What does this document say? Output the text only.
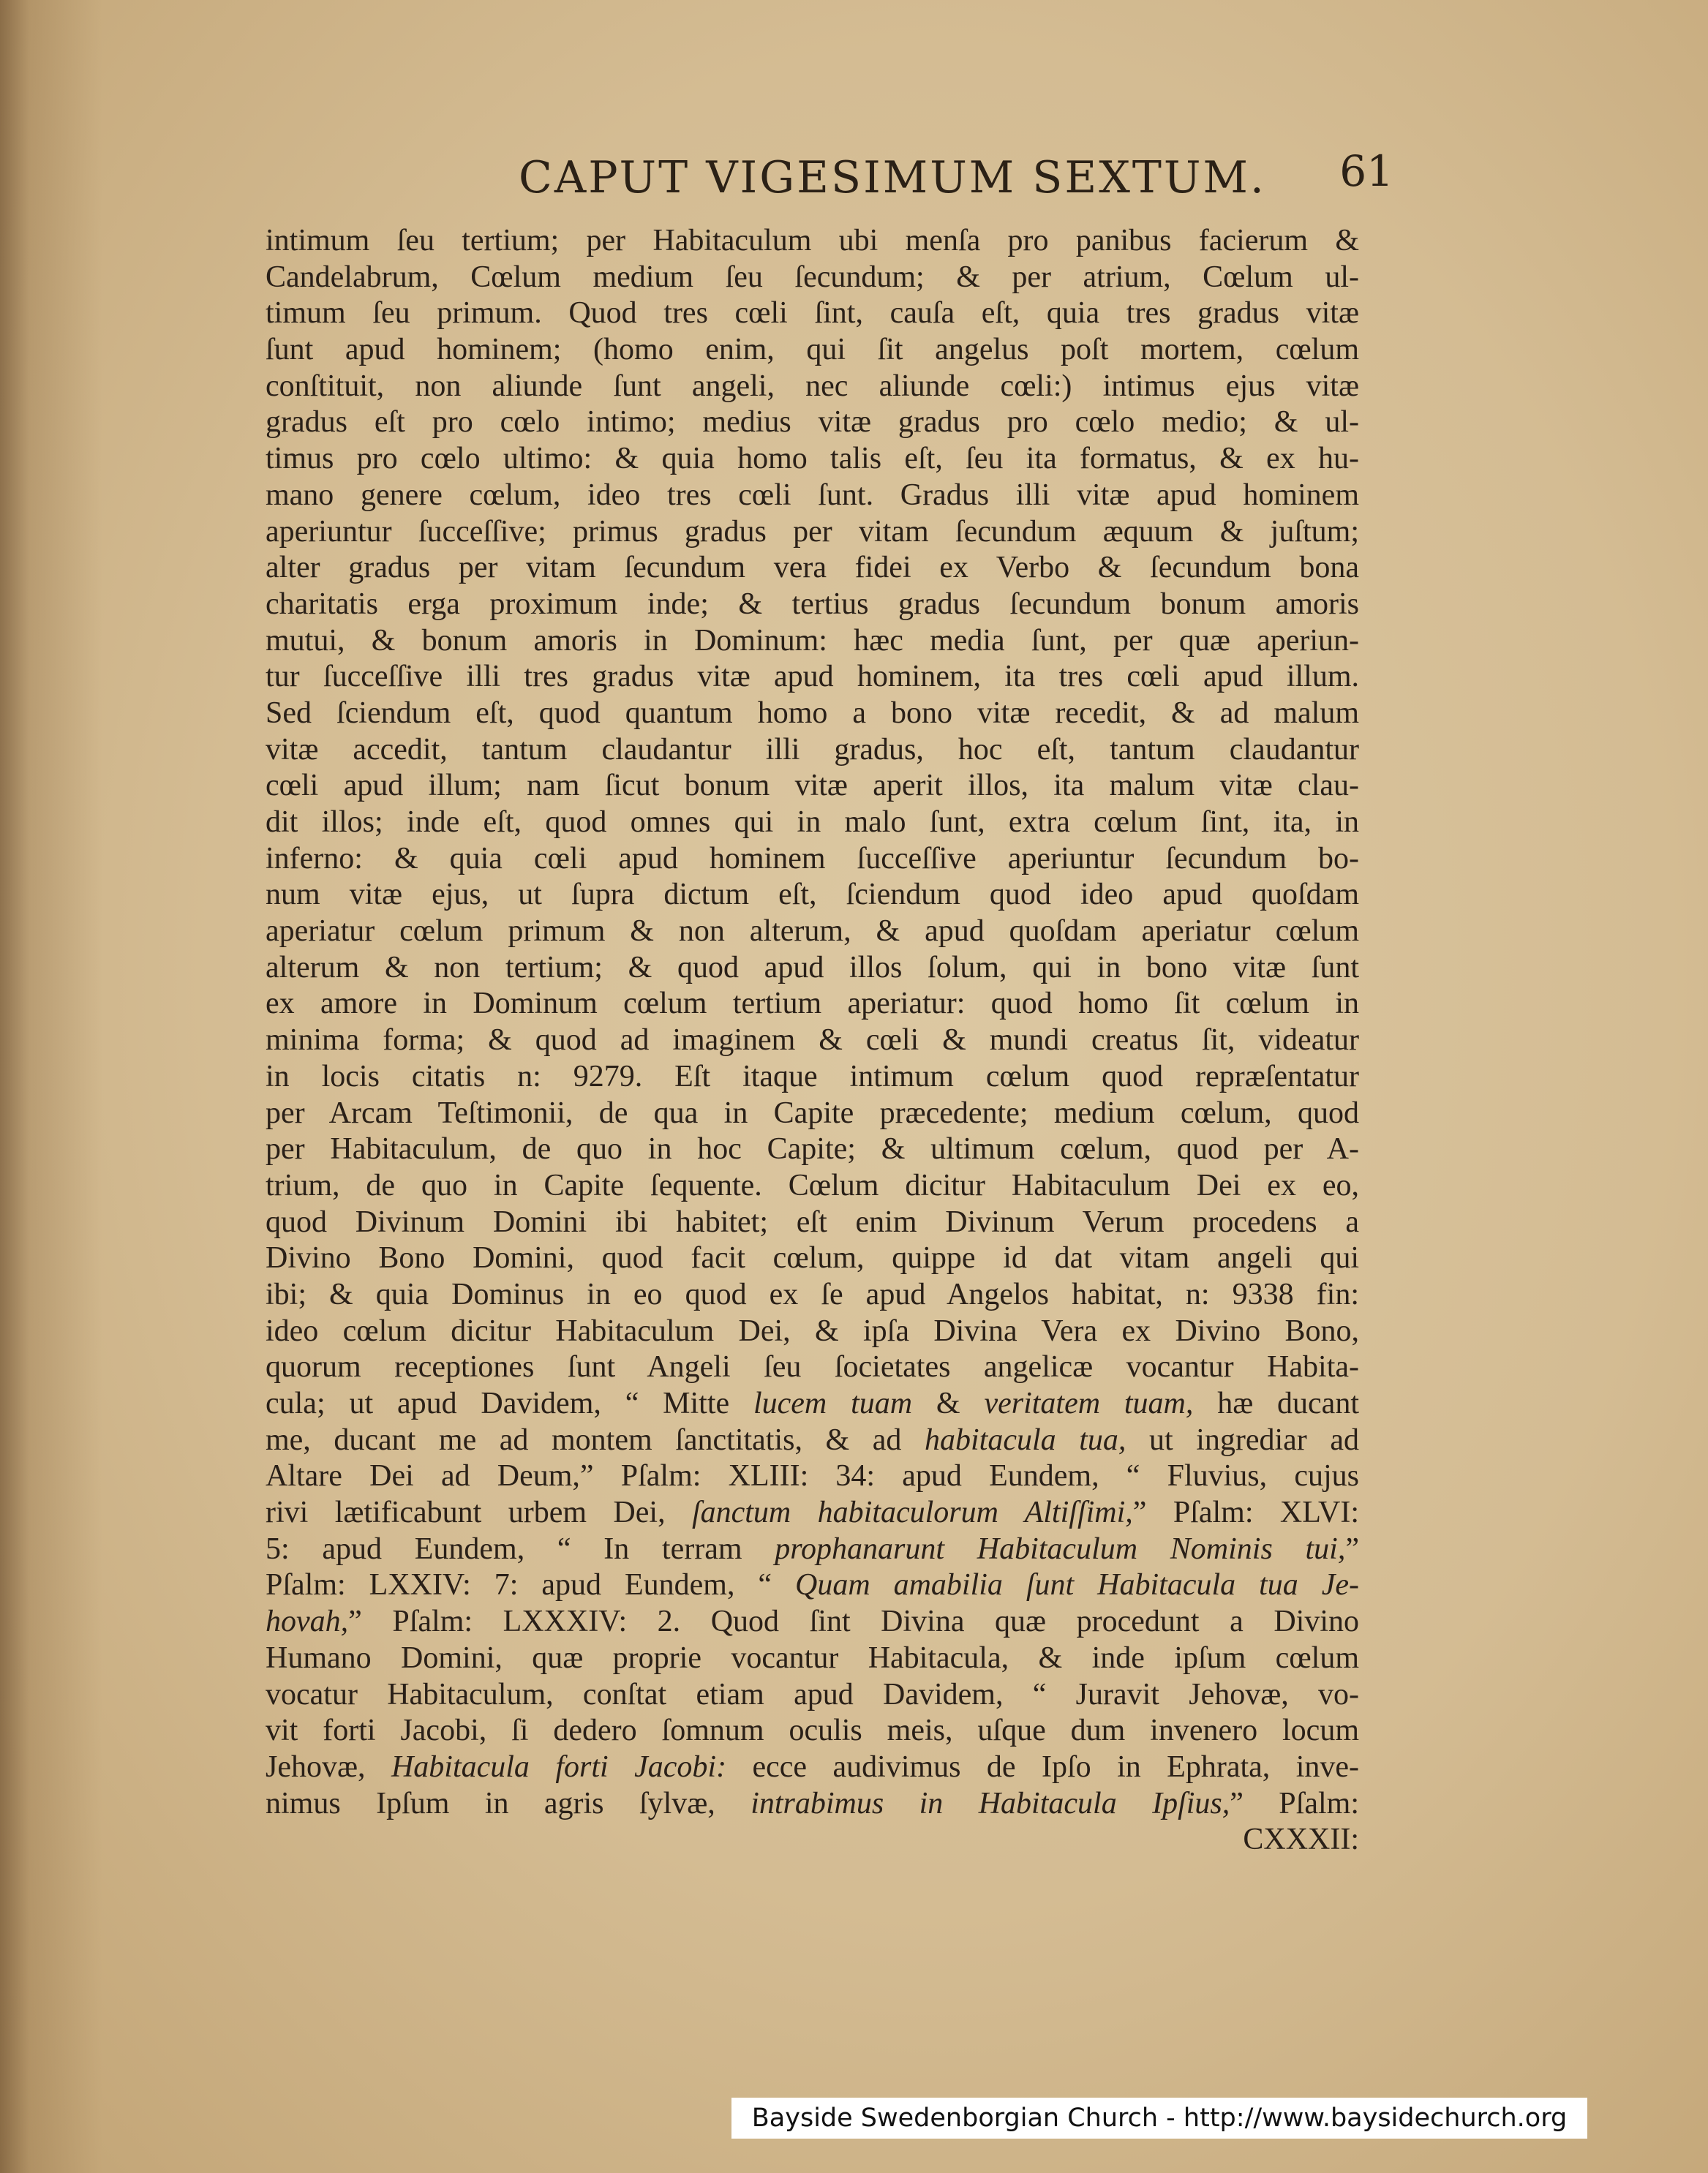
CAPUT VIGESIMUM SEXTUM.	61
intimum ſeu tertium; per Habitaculum ubi menſa pro panibus facierum &
Candelabrum, Cœlum medium ſeu ſecundum; & per atrium, Cœlum ul-
timum ſeu primum. Quod tres cœli ſint, cauſa eſt, quia tres gradus vitæ
ſunt apud hominem; (homo enim, qui ſit angelus poſt mortem, cœlum
conſtituit, non aliunde ſunt angeli, nec aliunde cœli:) intimus ejus vitæ
gradus eſt pro cœlo intimo; medius vitæ gradus pro cœlo medio; & ul-
timus pro cœlo ultimo: & quia homo talis eſt, ſeu ita formatus, & ex hu-
mano genere cœlum, ideo tres cœli ſunt. Gradus illi vitæ apud hominem
aperiuntur ſucceſſive; primus gradus per vitam ſecundum æquum & juſtum;
alter gradus per vitam ſecundum vera fidei ex Verbo & ſecundum bona
charitatis erga proximum inde; & tertius gradus ſecundum bonum amoris
mutui, & bonum amoris in Dominum: hæc media ſunt, per quæ aperiun-
tur ſucceſſive illi tres gradus vitæ apud hominem, ita tres cœli apud illum.
Sed ſciendum eſt, quod quantum homo a bono vitæ recedit, & ad malum
vitæ accedit, tantum claudantur illi gradus, hoc eſt, tantum claudantur
cœli apud illum; nam ſicut bonum vitæ aperit illos, ita malum vitæ clau-
dit illos; inde eſt, quod omnes qui in malo ſunt, extra cœlum ſint, ita, in
inferno: & quia cœli apud hominem ſucceſſive aperiuntur ſecundum bo-
num vitæ ejus, ut ſupra dictum eſt, ſciendum quod ideo apud quoſdam
aperiatur cœlum primum & non alterum, & apud quoſdam aperiatur cœlum
alterum & non tertium; & quod apud illos ſolum, qui in bono vitæ ſunt
ex amore in Dominum cœlum tertium aperiatur: quod homo ſit cœlum in
minima forma; & quod ad imaginem & cœli & mundi creatus ſit, videatur
in locis citatis n: 9279. Eſt itaque intimum cœlum quod repræſentatur
per Arcam Teſtimonii, de qua in Capite præcedente; medium cœlum, quod
per Habitaculum, de quo in hoc Capite; & ultimum cœlum, quod per A-
trium, de quo in Capite ſequente. Cœlum dicitur Habitaculum Dei ex eo,
quod Divinum Domini ibi habitet; eſt enim Divinum Verum procedens a
Divino Bono Domini, quod facit cœlum, quippe id dat vitam angeli qui
ibi; & quia Dominus in eo quod ex ſe apud Angelos habitat, n: 9338 fin:
ideo cœlum dicitur Habitaculum Dei, & ipſa Divina Vera ex Divino Bono,
quorum receptiones ſunt Angeli ſeu ſocietates angelicæ vocantur Habita-
cula; ut apud Davidem, “ Mitte lucem tuam & veritatem tuam, hæ ducant
me, ducant me ad montem ſanctitatis, & ad habitacula tua, ut ingrediar ad
Altare Dei ad Deum,” Pſalm: XLIII: 34: apud Eundem, “ Fluvius, cujus
rivi lætificabunt urbem Dei, ſanctum habitaculorum Altiſſimi,” Pſalm: XLVI:
5: apud Eundem, “ In terram prophanarunt Habitaculum Nominis tui,”
Pſalm: LXXIV: 7: apud Eundem, “ Quam amabilia ſunt Habitacula tua Je-
hovah,” Pſalm: LXXXIV: 2. Quod ſint Divina quæ procedunt a Divino
Humano Domini, quæ proprie vocantur Habitacula, & inde ipſum cœlum
vocatur Habitaculum, conſtat etiam apud Davidem, “ Juravit Jehovæ, vo-
vit forti Jacobi, ſi dedero ſomnum oculis meis, uſque dum invenero locum
Jehovæ, Habitacula forti Jacobi: ecce audivimus de Ipſo in Ephrata, inve-
nimus Ipſum in agris ſylvæ, intrabimus in Habitacula Ipſius,” Pſalm:
CXXXII:
Bayside Swedenborgian Church - http://www.baysidechurch.org
